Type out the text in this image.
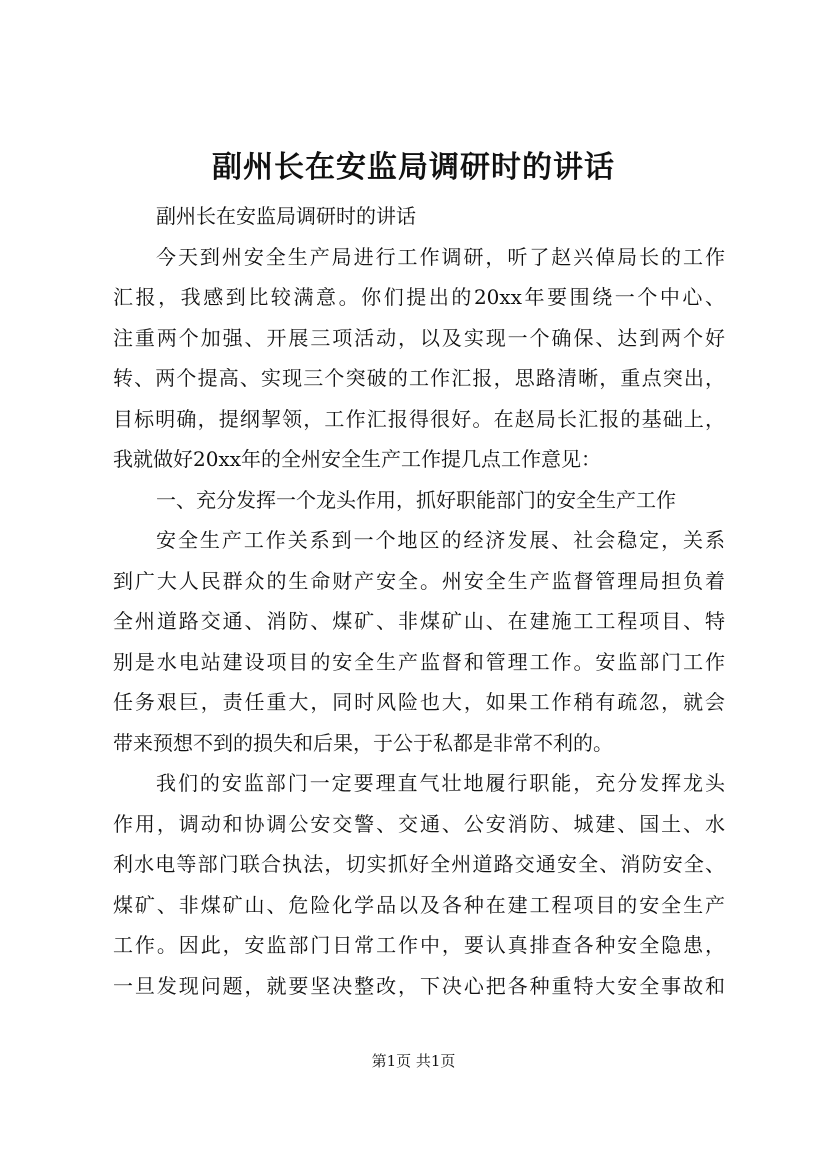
副州长在安监局调研时的讲话
副州长在安监局调研时的讲话
今天到州安全生产局进行工作调研，听了赵兴倬局长的工作
汇报，我感到比较满意。你们提出的20xx年要围绕一个中心、
注重两个加强、开展三项活动，以及实现一个确保、达到两个好
转、两个提高、实现三个突破的工作汇报，思路清晰，重点突出，
目标明确，提纲挈领，工作汇报得很好。在赵局长汇报的基础上，
我就做好20xx年的全州安全生产工作提几点工作意见：
一、充分发挥一个龙头作用，抓好职能部门的安全生产工作
安全生产工作关系到一个地区的经济发展、社会稳定，关系
到广大人民群众的生命财产安全。州安全生产监督管理局担负着
全州道路交通、消防、煤矿、非煤矿山、在建施工工程项目、特
别是水电站建设项目的安全生产监督和管理工作。安监部门工作
任务艰巨，责任重大，同时风险也大，如果工作稍有疏忽，就会
带来预想不到的损失和后果，于公于私都是非常不利的。
我们的安监部门一定要理直气壮地履行职能，充分发挥龙头
作用，调动和协调公安交警、交通、公安消防、城建、国土、水
利水电等部门联合执法，切实抓好全州道路交通安全、消防安全、
煤矿、非煤矿山、危险化学品以及各种在建工程项目的安全生产
工作。因此，安监部门日常工作中，要认真排查各种安全隐患，
一旦发现问题，就要坚决整改，下决心把各种重特大安全事故和
第1页 共1页
